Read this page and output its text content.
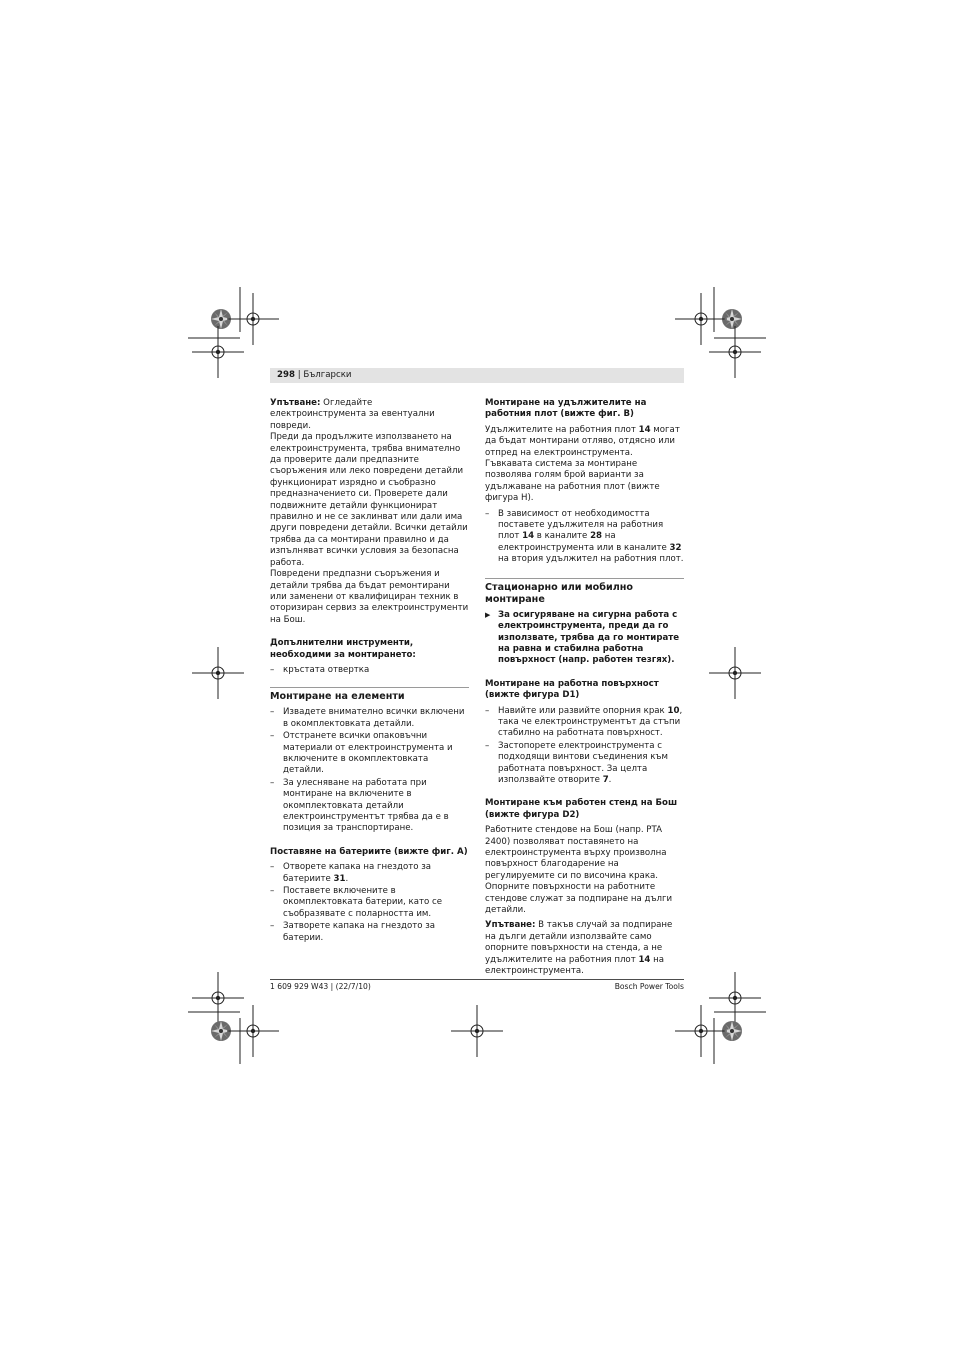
298 | Български

Упътване: Огледайте електроинструмента за евентуални повреди.

Преди да продължите използването на електроинструмента, трябва внимателно да проверите дали предпазните съоръжения или леко повредени детайли функционират изрядно и съобразно предназначението си. Проверете дали подвижните детайли функционират правилно и не се заклинват или дали има други повредени детайли. Всички детайли трябва да са монтирани правилно и да изпълняват всички условия за безопасна работа.

Повредени предпазни съоръжения и детайли трябва да бъдат ремонтирани или заменени от квалифициран техник в оторизиран сервиз за електроинструменти на Бош.

Допълнителни инструменти, необходими за монтирането:

– кръстата отвертка

Монтиране на елементи

– Извадете внимателно всички включени в окомплектовката детайли.

– Отстранете всички опаковъчни материали от електроинструмента и включените в окомплектовката детайли.

– За улесняване на работата при монтиране на включените в окомплектовката детайли електроинструментът трябва да е в позиция за транспортиране.

Поставяне на батериите (вижте фиг. А)

– Отворете капака на гнездото за батериите 31.

– Поставете включените в окомплектовката батерии, като се съобразявате с поларността им.

– Затворете капака на гнездото за батерии.

Монтиране на удължителите на работния плот (вижте фиг. B)

Удължителите на работния плот 14 могат да бъдат монтирани отляво, отдясно или отпред на електроинструмента.

Гъвкавата система за монтиране позволява голям брой варианти за удължаване на работния плот (вижте фигура H).

– В зависимост от необходимостта поставете удължителя на работния плот 14 в каналите 28 на електроинструмента или в каналите 32 на втория удължител на работния плот.

Стационарно или мобилно монтиране

▶ За осигуряване на сигурна работа с електроинструмента, преди да го използвате, трябва да го монтирате на равна и стабилна работна повърхност (напр. работен тезгях).

Монтиране на работна повърхност (вижте фигура D1)

– Навийте или развийте опорния крак 10, така че електроинструментът да стъпи стабилно на работната повърхност.

– Застопорете електроинструмента с подходящи винтови съединения към работната повърхност. За целта използвайте отворите 7.

Монтиране към работен стенд на Бош (вижте фигура D2)

Работните стендове на Бош (напр. PTA 2400) позволяват поставянето на електроинструмента върху произволна повърхност благодарение на регулируемите си по височина крака. Опорните повърхности на работните стендове служат за подпиране на дълги детайли.

Упътване: В такъв случай за подпиране на дълги детайли използвайте само опорните повърхности на стенда, а не удължителите на работния плот 14 на електроинструмента.

1 609 929 W43 | (22/7/10)	Bosch Power Tools
